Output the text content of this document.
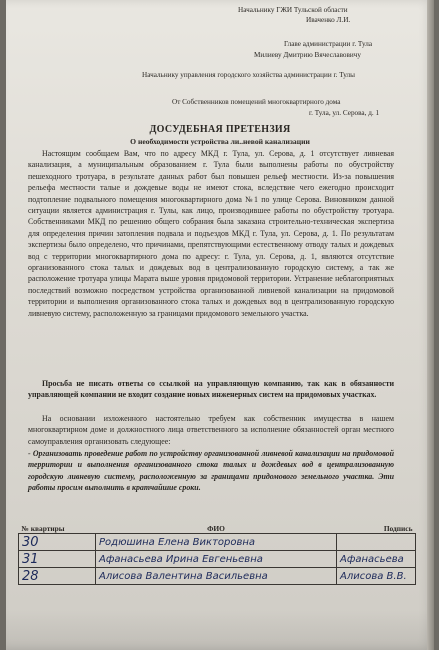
Начальнику ГЖИ Тульской области
Иваченко Л.И.
Главе администрации г. Тула
Милиеву Дмитрию Вячеславовичу
Начальнику управления городского хозяйства администрации г. Тулы
От Собственников помещений многоквартирного дома
г. Тула, ул. Серова, д. 1
ДОСУДЕБНАЯ ПРЕТЕНЗИЯ
О необходимости устройства ли..невой канализации
Настоящим сообщаем Вам, что по адресу МКД г. Тула, ул. Серова, д. 1 отсутствует ливневая канализация, а муниципальным образованием г. Тула были выполнены работы по обустройству пешеходного тротуара, в результате данных работ был повышен рельеф местности. Из-за повышения рельефа местности талые и дождевые воды не имеют стока, вследствие чего ежегодно происходит подтопление подвального помещения многоквартирного дома №1 по улице Серова. Виновником данной ситуации является администрация г. Тулы, как лицо, производившее работы по обустройству тротуара. Собственниками МКД по решению общего собрания была заказана строительно-техническая экспертиза для определения причин затопления подвала и подъездов МКД г. Тула, ул. Серова, д. 1. По результатам экспертизы было определено, что причинами, препятствующими естественному отводу талых и дождевых вод с территории многоквартирного дома по адресу: г. Тула, ул. Серова, д. 1, являются отсутствие организованного стока талых и дождевых вод в централизованную городскую систему, а так же расположение тротуара улицы Марата выше уровня придомовой территории. Устранение неблагоприятных последствий возможно посредством устройства организованной ливневой канализации на придомовой территории и выполнения организованного стока талых и дождевых вод в централизованную городскую ливневую систему, расположенную за границами придомового земельного участка.
Просьба не писать ответы со ссылкой на управляющую компанию, так как в обязанности управляющей компании не входит создание новых инженерных систем на придомовых участках.
На основании изложенного настоятельно требуем как собственник имущества в нашем многоквартирном доме и должностного лица ответственного за исполнение обязанностей орган местного самоуправления организовать следующее:
- Организовать проведение работ по устройству организованной ливневой канализации на придомовой территории и выполнения организованного стока талых и дождевых вод в централизованную городскую ливневую систему, расположенную за границами придомового земельного участка. Эти работы просим выполнить в кратчайшие сроки.
№ квартиры	ФИО	Подпись
30	Родюшина Елена Викторовна	
31	Афанасьева Ирина Евгеньевна	Афанасьева
28	Алисова Валентина Васильевна	Алисова В.В.
